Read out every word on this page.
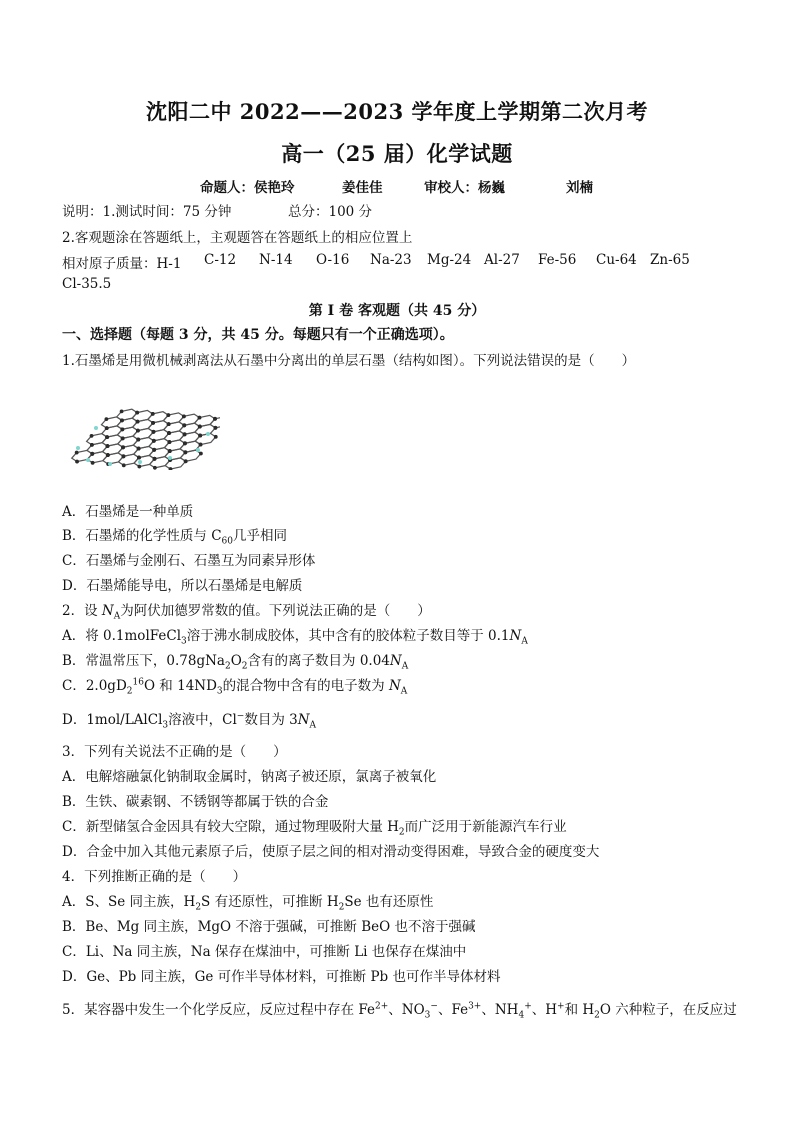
沈阳二中 2022——2023 学年度上学期第二次月考
高一（25 届）化学试题
命题人：侯艳玲	姜佳佳	审校人：杨巍	刘楠
说明：1.测试时间：75 分钟	总分：100 分
2.客观题涂在答题纸上，主观题答在答题纸上的相应位置上
相对原子质量：H-1 C-12 N-14 O-16 Na-23 Mg-24 Al-27 Fe-56 Cu-64 Zn-65
Cl-35.5
第 I 卷 客观题（共 45 分）
一、选择题（每题 3 分，共 45 分。每题只有一个正确选项）。
1.石墨烯是用微机械剥离法从石墨中分离出的单层石墨（结构如图）。下列说法错误的是（　　）
A．石墨烯是一种单质
B．石墨烯的化学性质与 $C_{60}$几乎相同
C．石墨烯与金刚石、石墨互为同素异形体
D．石墨烯能导电，所以石墨烯是电解质
2．设 $N_A$为阿伏加德罗常数的值。下列说法正确的是（　　）
A．将 0.1molFeCl$_3$溶于沸水制成胶体，其中含有的胶体粒子数目等于 $0.1N_A$
B．常温常压下，$0.78gNa_2O_2$含有的离子数目为 $0.04N_A$
C．$2.0gD_2^{16}O$ 和 $14ND_3$的混合物中含有的电子数为 $N_A$
D．1mol/LAlCl$_3$溶液中，Cl−数目为 $3N_A$
3．下列有关说法不正确的是（　　）
A．电解熔融氯化钠制取金属时，钠离子被还原，氯离子被氧化
B．生铁、碳素钢、不锈钢等都属于铁的合金
C．新型储氢合金因具有较大空隙，通过物理吸附大量 $H_2$而广泛用于新能源汽车行业
D．合金中加入其他元素原子后，使原子层之间的相对滑动变得困难，导致合金的硬度变大
4．下列推断正确的是（　　）
A．S、Se 同主族，$H_2S$ 有还原性，可推断 $H_2Se$ 也有还原性
B．Be、Mg 同主族，MgO 不溶于强碱，可推断 BeO 也不溶于强碱
C．Li、Na 同主族，Na 保存在煤油中，可推断 Li 也保存在煤油中
D．Ge、Pb 同主族，Ge 可作半导体材料，可推断 Pb 也可作半导体材料
5．某容器中发生一个化学反应，反应过程中存在 $Fe^{2+}$、$NO_3^-$、$Fe^{3+}$、$NH_4^+$、H+和 $H_2O$ 六种粒子，在反应过
